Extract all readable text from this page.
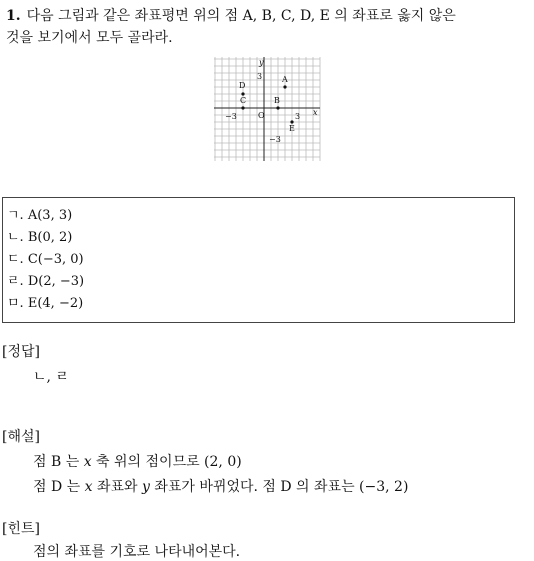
1. 다음 그림과 같은 좌표평면 위의 점 A, B, C, D, E 의 좌표로 옳지 않은
것을 보기에서 모두 골라라.
y
x
O
3
−3	3
−3
A
B
C
D
E
ㄱ. A(3, 3)
ㄴ. B(0, 2)
ㄷ. C(−3, 0)
ㄹ. D(2, −3)
ㅁ. E(4, −2)
[정답]
ㄴ, ㄹ
[해설]
점 B 는 x 축 위의 점이므로 (2, 0)
점 D 는 x 좌표와 y 좌표가 바뀌었다. 점 D 의 좌표는 (−3, 2)
[힌트]
점의 좌표를 기호로 나타내어본다.
